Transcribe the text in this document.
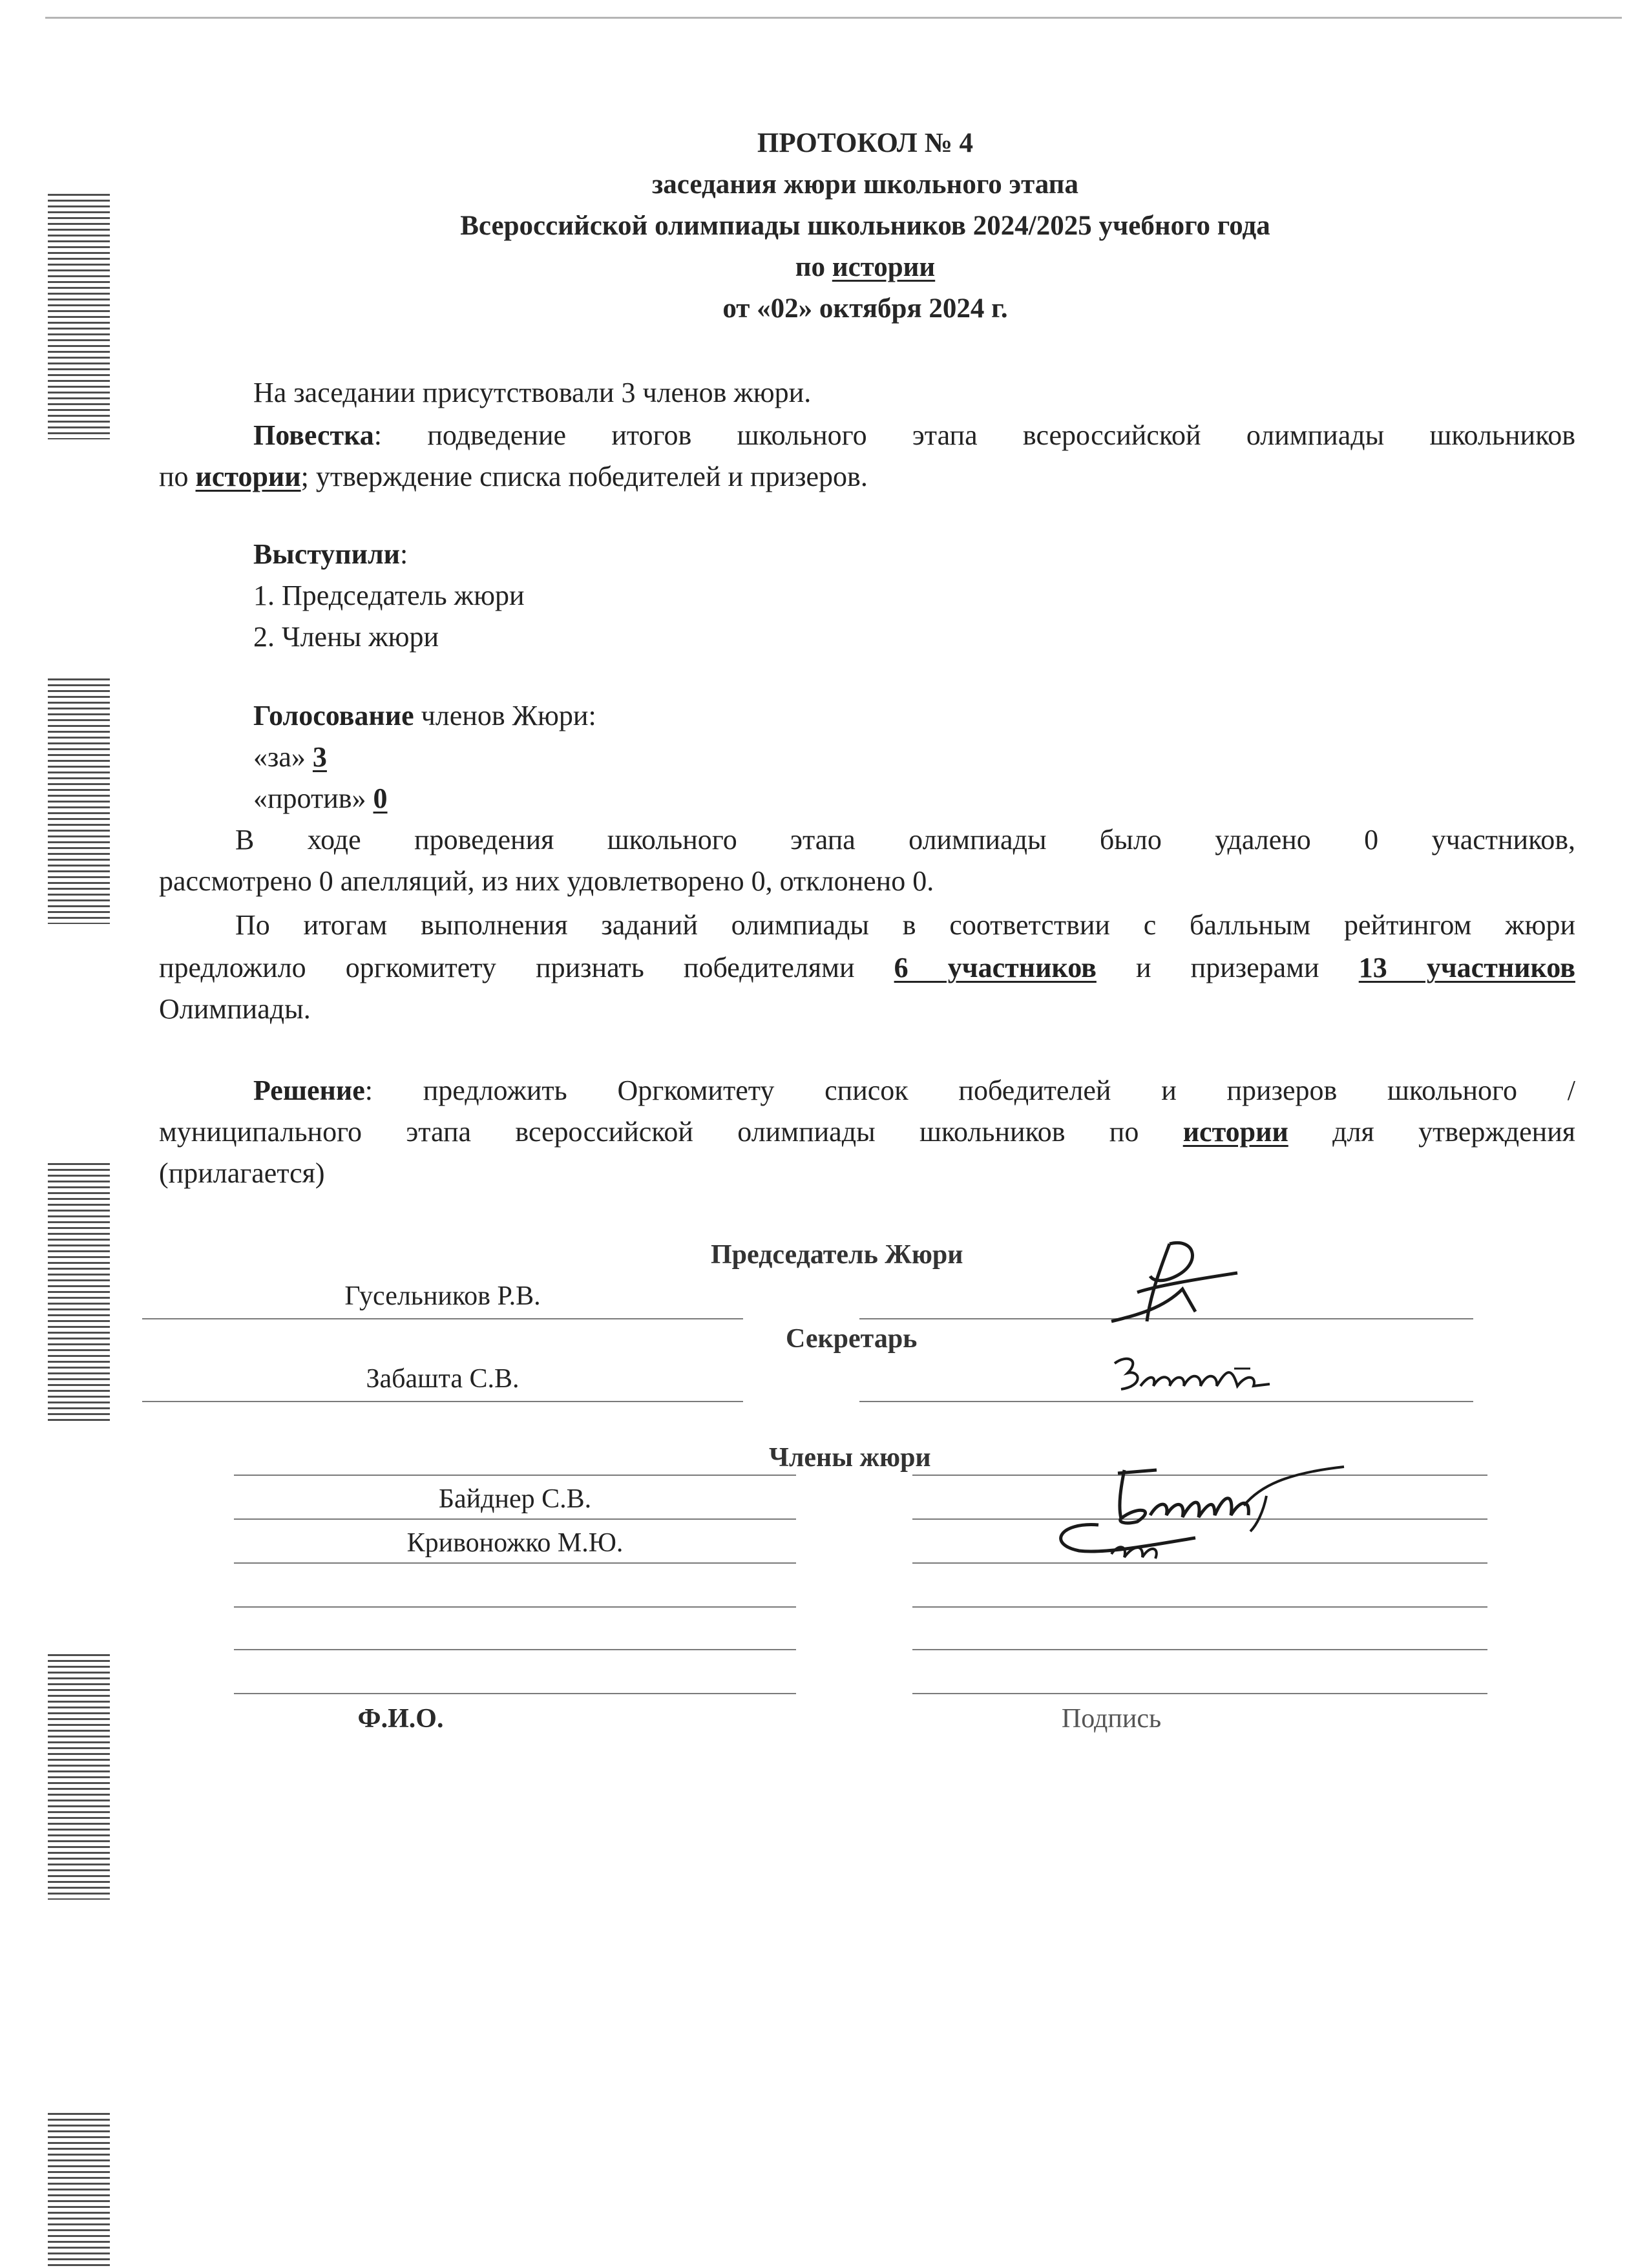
ПРОТОКОЛ № 4
заседания жюри школьного этапа
Всероссийской олимпиады школьников 2024/2025 учебного года
по истории
от «02» октября 2024 г.
На заседании присутствовали 3 членов жюри.
Повестка: подведение итогов школьного этапа всероссийской олимпиады школьников
по истории; утверждение списка победителей и призеров.
Выступили:
1. Председатель жюри
2. Члены жюри
Голосование членов Жюри:
«за» 3
«против» 0
В ходе проведения школьного этапа олимпиады было удалено 0 участников,
рассмотрено 0 апелляций, из них удовлетворено 0, отклонено 0.
По итогам выполнения заданий олимпиады в соответствии с балльным рейтингом жюри
предложило оргкомитету признать победителями 6 участников и призерами 13 участников
Олимпиады.
Решение: предложить Оргкомитету список победителей и призеров школьного /
муниципального этапа всероссийской олимпиады школьников по истории для утверждения
(прилагается)
Председатель Жюри
Гусельников Р.В.
Секретарь
Забашта С.В.
Члены жюри
Байднер С.В.
Кривоножко М.Ю.
Ф.И.О.	Подпись
